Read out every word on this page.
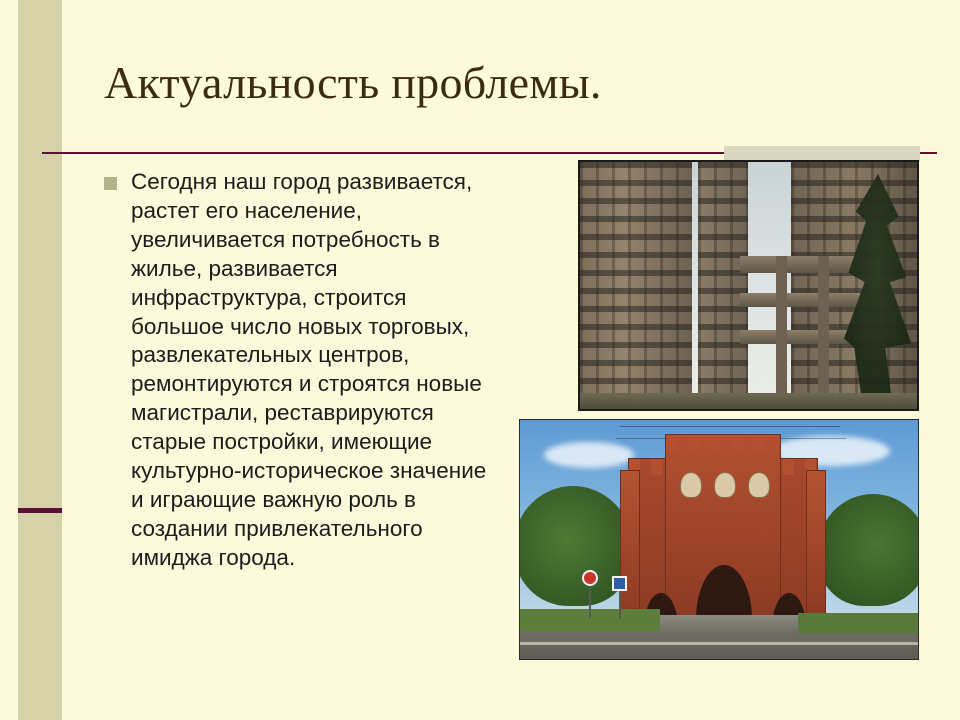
Актуальность проблемы.
Сегодня наш город развивается, растет его население, увеличивается потребность в жилье, развивается инфраструктура, строится большое число новых торговых, развлекательных центров, ремонтируются и строятся новые магистрали, реставрируются старые постройки, имеющие культурно-историческое значение и играющие важную роль в создании привлекательного имиджа города.
